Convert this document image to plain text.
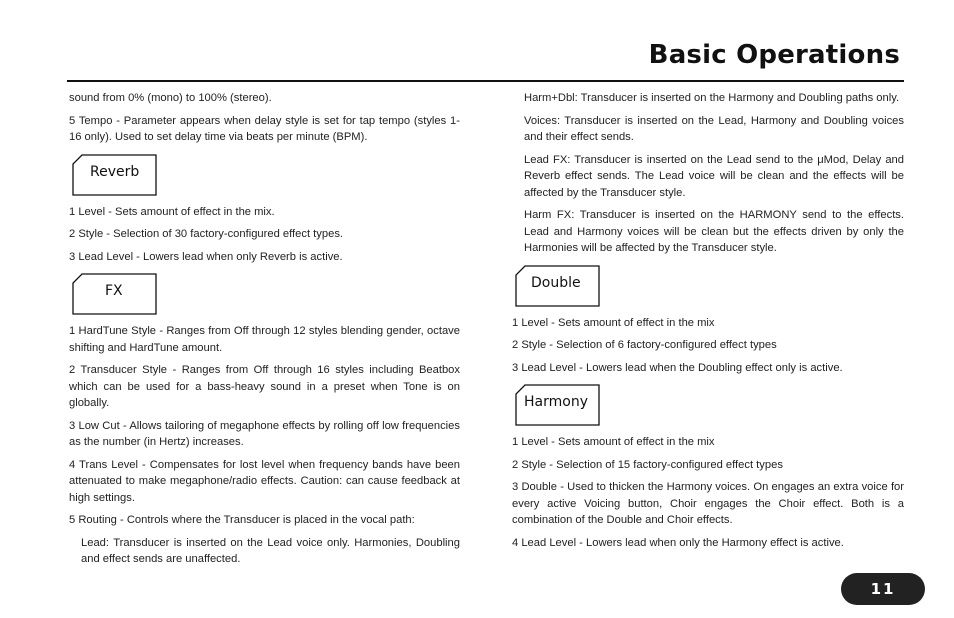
Basic Operations

sound from 0% (mono) to 100% (stereo).

5 Tempo - Parameter appears when delay style is set for tap tempo (styles 1-16 only). Used to set delay time via beats per minute (BPM).

Reverb

1 Level - Sets amount of effect in the mix.

2 Style - Selection of 30 factory-configured effect types.

3 Lead Level - Lowers lead when only Reverb is active.

FX

1 HardTune Style - Ranges from Off through 12 styles blending gender, octave shifting and HardTune amount.

2 Transducer Style - Ranges from Off through 16 styles including Beatbox which can be used for a bass-heavy sound in a preset when Tone is on globally.

3 Low Cut - Allows tailoring of megaphone effects by rolling off low frequencies as the number (in Hertz) increases.

4 Trans Level - Compensates for lost level when frequency bands have been attenuated to make megaphone/radio effects. Caution: can cause feedback at high settings.

5 Routing - Controls where the Transducer is placed in the vocal path:

Lead: Transducer is inserted on the Lead voice only. Harmonies, Doubling and effect sends are unaffected.

Harm+Dbl: Transducer is inserted on the Harmony and Doubling paths only.

Voices: Transducer is inserted on the Lead, Harmony and Doubling voices and their effect sends.

Lead FX: Transducer is inserted on the Lead send to the μMod, Delay and Reverb effect sends. The Lead voice will be clean and the effects will be affected by the Transducer style.

Harm FX: Transducer is inserted on the HARMONY send to the effects. Lead and Harmony voices will be clean but the effects driven by only the Harmonies will be affected by the Transducer style.

Double

1 Level - Sets amount of effect in the mix

2 Style - Selection of 6 factory-configured effect types

3 Lead Level - Lowers lead when the Doubling effect only is active.

Harmony

1 Level - Sets amount of effect in the mix

2 Style - Selection of 15 factory-configured effect types

3 Double - Used to thicken the Harmony voices. On engages an extra voice for every active Voicing button, Choir engages the Choir effect. Both is a combination of the Double and Choir effects.

4 Lead Level - Lowers lead when only the Harmony effect is active.

11
